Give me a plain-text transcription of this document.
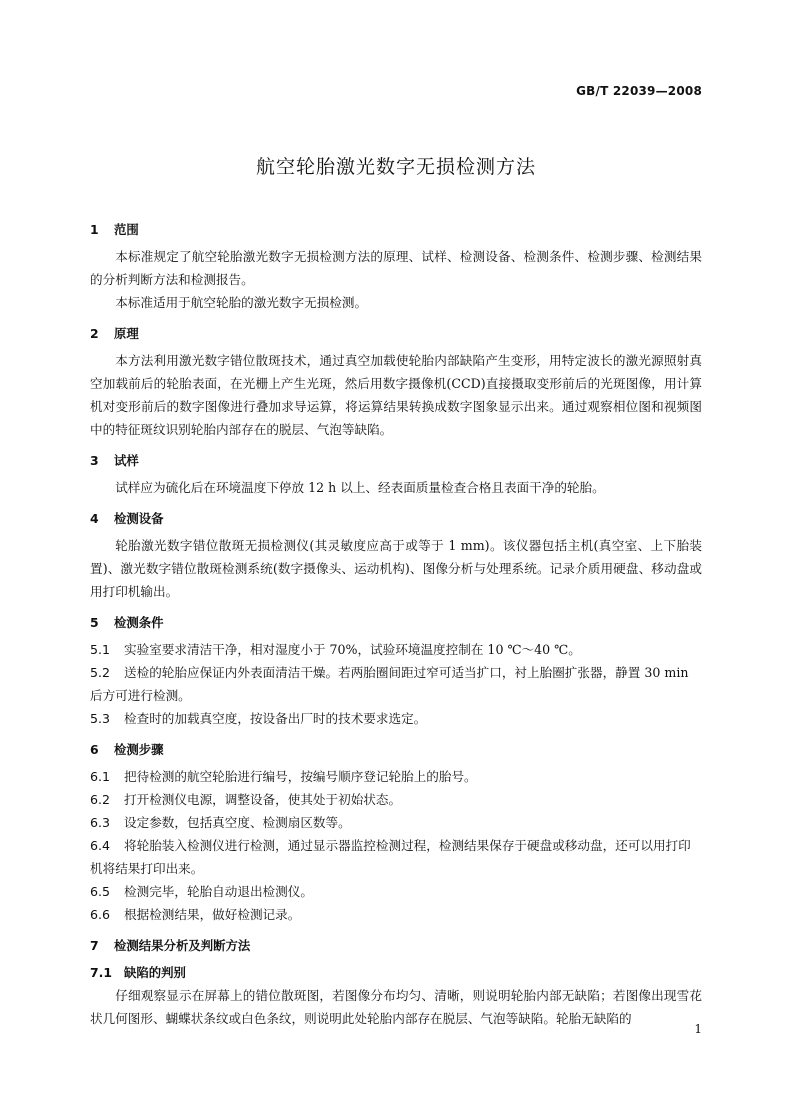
GB/T 22039—2008
航空轮胎激光数字无损检测方法
1 范围
本标准规定了航空轮胎激光数字无损检测方法的原理、试样、检测设备、检测条件、检测步骤、检测结果的分析判断方法和检测报告。
本标准适用于航空轮胎的激光数字无损检测。
2 原理
本方法利用激光数字错位散斑技术，通过真空加载使轮胎内部缺陷产生变形，用特定波长的激光源照射真空加载前后的轮胎表面，在光栅上产生光斑，然后用数字摄像机(CCD)直接摄取变形前后的光斑图像，用计算机对变形前后的数字图像进行叠加求导运算，将运算结果转换成数字图象显示出来。通过观察相位图和视频图中的特征斑纹识别轮胎内部存在的脱层、气泡等缺陷。
3 试样
试样应为硫化后在环境温度下停放 12 h 以上、经表面质量检查合格且表面干净的轮胎。
4 检测设备
轮胎激光数字错位散斑无损检测仪(其灵敏度应高于或等于 1 mm)。该仪器包括主机(真空室、上下胎装置)、激光数字错位散斑检测系统(数字摄像头、运动机构)、图像分析与处理系统。记录介质用硬盘、移动盘或用打印机输出。
5 检测条件
5.1 实验室要求清洁干净，相对湿度小于 70%，试验环境温度控制在 10 ℃～40 ℃。
5.2 送检的轮胎应保证内外表面清洁干燥。若两胎圈间距过窄可适当扩口，衬上胎圈扩张器，静置 30 min 后方可进行检测。
5.3 检查时的加载真空度，按设备出厂时的技术要求选定。
6 检测步骤
6.1 把待检测的航空轮胎进行编号，按编号顺序登记轮胎上的胎号。
6.2 打开检测仪电源，调整设备，使其处于初始状态。
6.3 设定参数，包括真空度、检测扇区数等。
6.4 将轮胎装入检测仪进行检测，通过显示器监控检测过程，检测结果保存于硬盘或移动盘，还可以用打印机将结果打印出来。
6.5 检测完毕，轮胎自动退出检测仪。
6.6 根据检测结果，做好检测记录。
7 检测结果分析及判断方法
7.1 缺陷的判别
仔细观察显示在屏幕上的错位散斑图，若图像分布均匀、清晰，则说明轮胎内部无缺陷；若图像出现雪花状几何图形、蝴蝶状条纹或白色条纹，则说明此处轮胎内部存在脱层、气泡等缺陷。轮胎无缺陷的
1
